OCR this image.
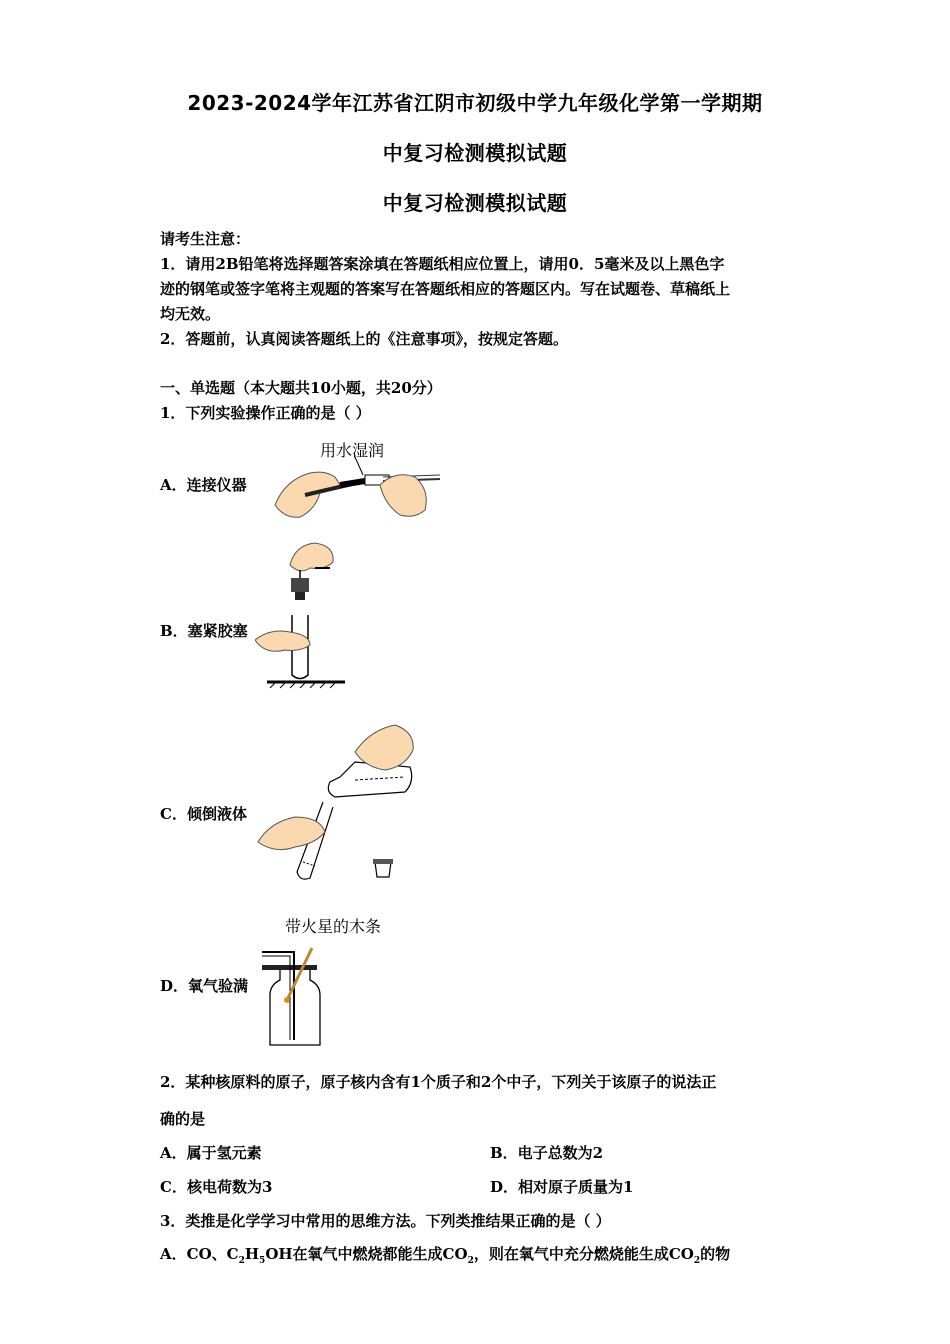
2023-2024学年江苏省江阴市初级中学九年级化学第一学期期
中复习检测模拟试题
中复习检测模拟试题
请考生注意：
1．请用2B铅笔将选择题答案涂填在答题纸相应位置上，请用0．5毫米及以上黑色字
迹的钢笔或签字笔将主观题的答案写在答题纸相应的答题区内。写在试题卷、草稿纸上
均无效。
2．答题前，认真阅读答题纸上的《注意事项》，按规定答题。
一、单选题（本大题共10小题，共20分）
1．下列实验操作正确的是（ ）
A．连接仪器
用水湿润
B．塞紧胶塞
C．倾倒液体
D．氧气验满
带火星的木条
2．某种核原料的原子，原子核内含有1个质子和2个中子，下列关于该原子的说法正
确的是
A．属于氢元素	B．电子总数为2
C．核电荷数为3	D．相对原子质量为1
3．类推是化学学习中常用的思维方法。下列类推结果正确的是（ ）
A．CO、$C_2H_5OH$在氧气中燃烧都能生成$CO_2$，则在氧气中充分燃烧能生成$CO_2$的物
